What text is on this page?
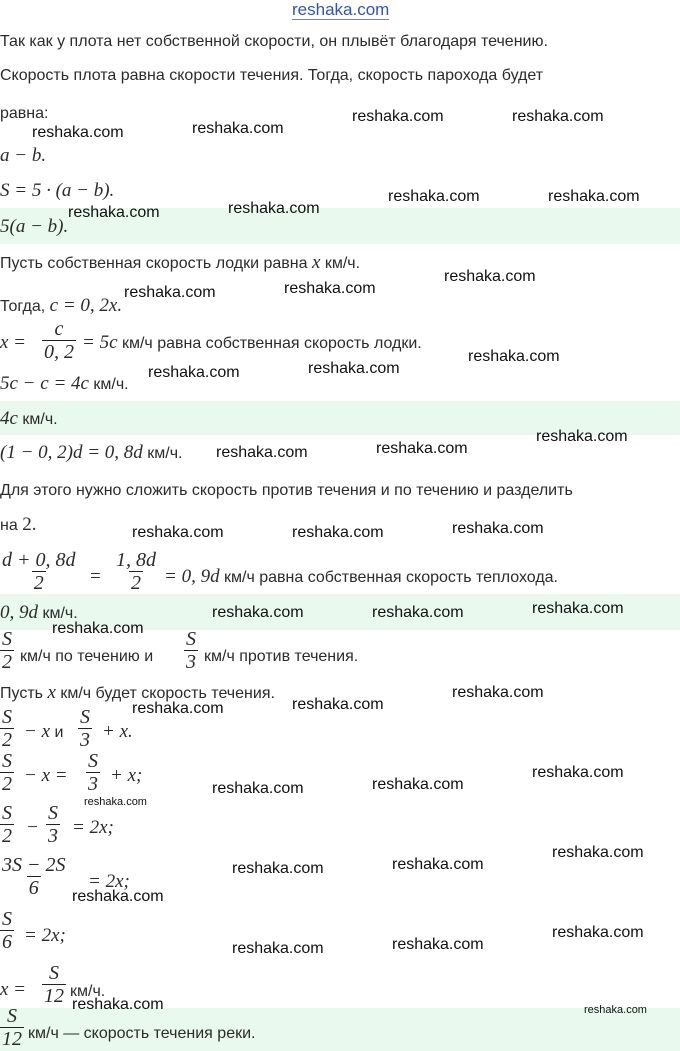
reshaka.com
Так как у плота нет собственной скорости, он плывёт благодаря течению.
Скорость плота равна скорости течения. Тогда, скорость парохода будет
равна:
a − b.
S = 5 · (a − b).
5(a − b).
Пусть собственная скорость лодки равна x км/ч.
Тогда, c = 0, 2x.
$x = \frac{c}{0, 2} = 5c$ км/ч равна собственная скорость лодки.
5c − c = 4c км/ч.
4c км/ч.
(1 − 0, 2)d = 0, 8d км/ч.
Для этого нужно сложить скорость против течения и по течению и разделить
на 2.
$\frac{d + 0, 8d}{2} = \frac{1, 8d}{2} = 0$, 9d км/ч равна собственная скорость теплохода.
0, 9d км/ч.
$\frac{S}{2} км/ч$ по течению и $\frac{S}{3} км/ч$ против течения.
Пусть x км/ч будет скорость течения.
$\frac{S}{2} - x$ и $\frac{S}{3} + x$.
$\frac{S}{2} - x = \frac{S}{3} + x$;
$\frac{S}{2} - \frac{S}{3} = 2x$;
$\frac{3S - 2S}{6} = 2x$;
$\frac{S}{6} = 2x$;
$x = \frac{S}{12} км/ч$.
$\frac{S}{12} км/ч$ — скорость течения реки.
reshaka.com	reshaka.com
reshaka.com	reshaka.com
reshaka.com	reshaka.com
reshaka.com	reshaka.com
reshaka.com	reshaka.com
reshaka.com
reshaka.com	reshaka.com
reshaka.com
reshaka.com	reshaka.com
reshaka.com
reshaka.com	reshaka.com	reshaka.com
reshaka.com
reshaka.com	reshaka.com	reshaka.com
reshaka.com	reshaka.com
reshaka.com
reshaka.com
reshaka.com	reshaka.com
reshaka.com
reshaka.com
reshaka.com	reshaka.com
reshaka.com
reshaka.com	reshaka.com
reshaka.com
reshaka.com	reshaka.com
